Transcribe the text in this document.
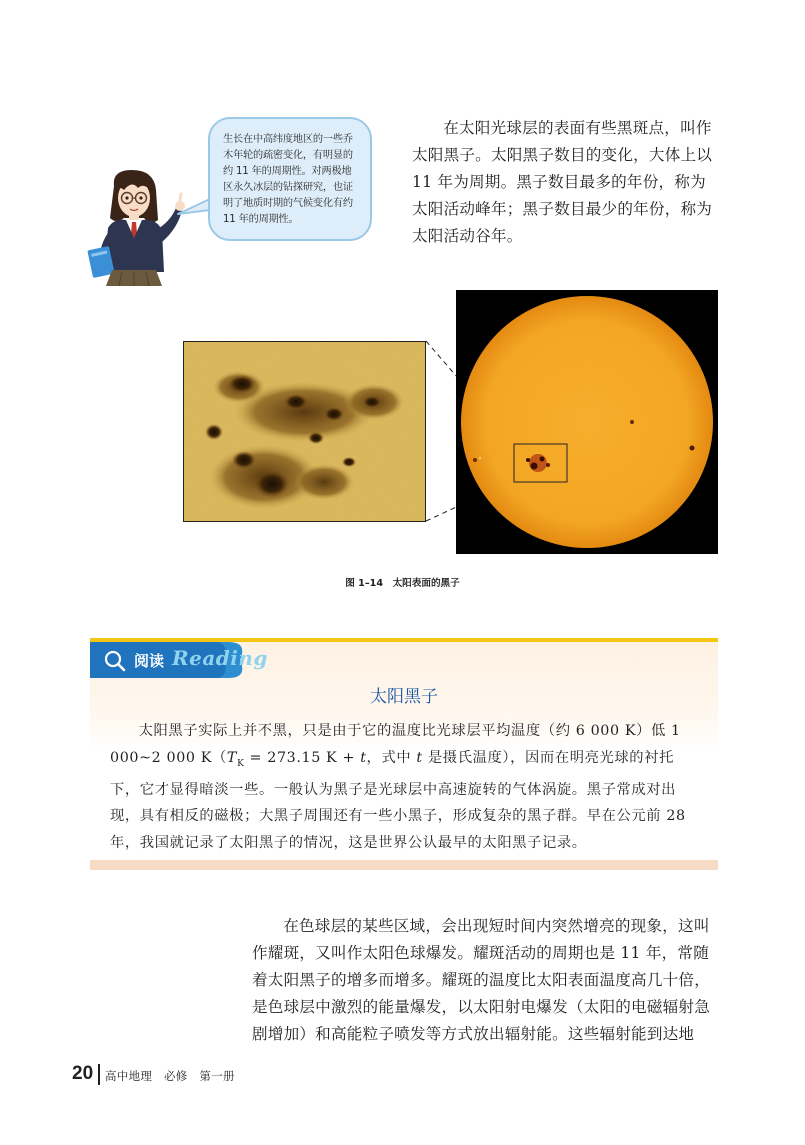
生长在中高纬度地区的一些乔木年轮的疏密变化，有明显的约 11 年的周期性。对两极地区永久冰层的钻探研究，也证明了地质时期的气候变化有约 11 年的周期性。

在太阳光球层的表面有些黑斑点，叫作太阳黑子。太阳黑子数目的变化，大体上以 11 年为周期。黑子数目最多的年份，称为太阳活动峰年；黑子数目最少的年份，称为太阳活动谷年。

图 1–14　太阳表面的黑子
阅读 Reading
太阳黑子

太阳黑子实际上并不黑，只是由于它的温度比光球层平均温度（约 6 000 K）低 1 000~2 000 $K(T_K = 273.15$ K + t，式中 t 是摄氏温度），因而在明亮光球的衬托下，它才显得暗淡一些。一般认为黑子是光球层中高速旋转的气体涡旋。黑子常成对出现，具有相反的磁极；大黑子周围还有一些小黑子，形成复杂的黑子群。早在公元前 28 年，我国就记录了太阳黑子的情况，这是世界公认最早的太阳黑子记录。

在色球层的某些区域，会出现短时间内突然增亮的现象，这叫作耀斑，又叫作太阳色球爆发。耀斑活动的周期也是 11 年，常随着太阳黑子的增多而增多。耀斑的温度比太阳表面温度高几十倍，是色球层中激烈的能量爆发，以太阳射电爆发（太阳的电磁辐射急剧增加）和高能粒子喷发等方式放出辐射能。这些辐射能到达地

20 高中地理　必修　第一册
